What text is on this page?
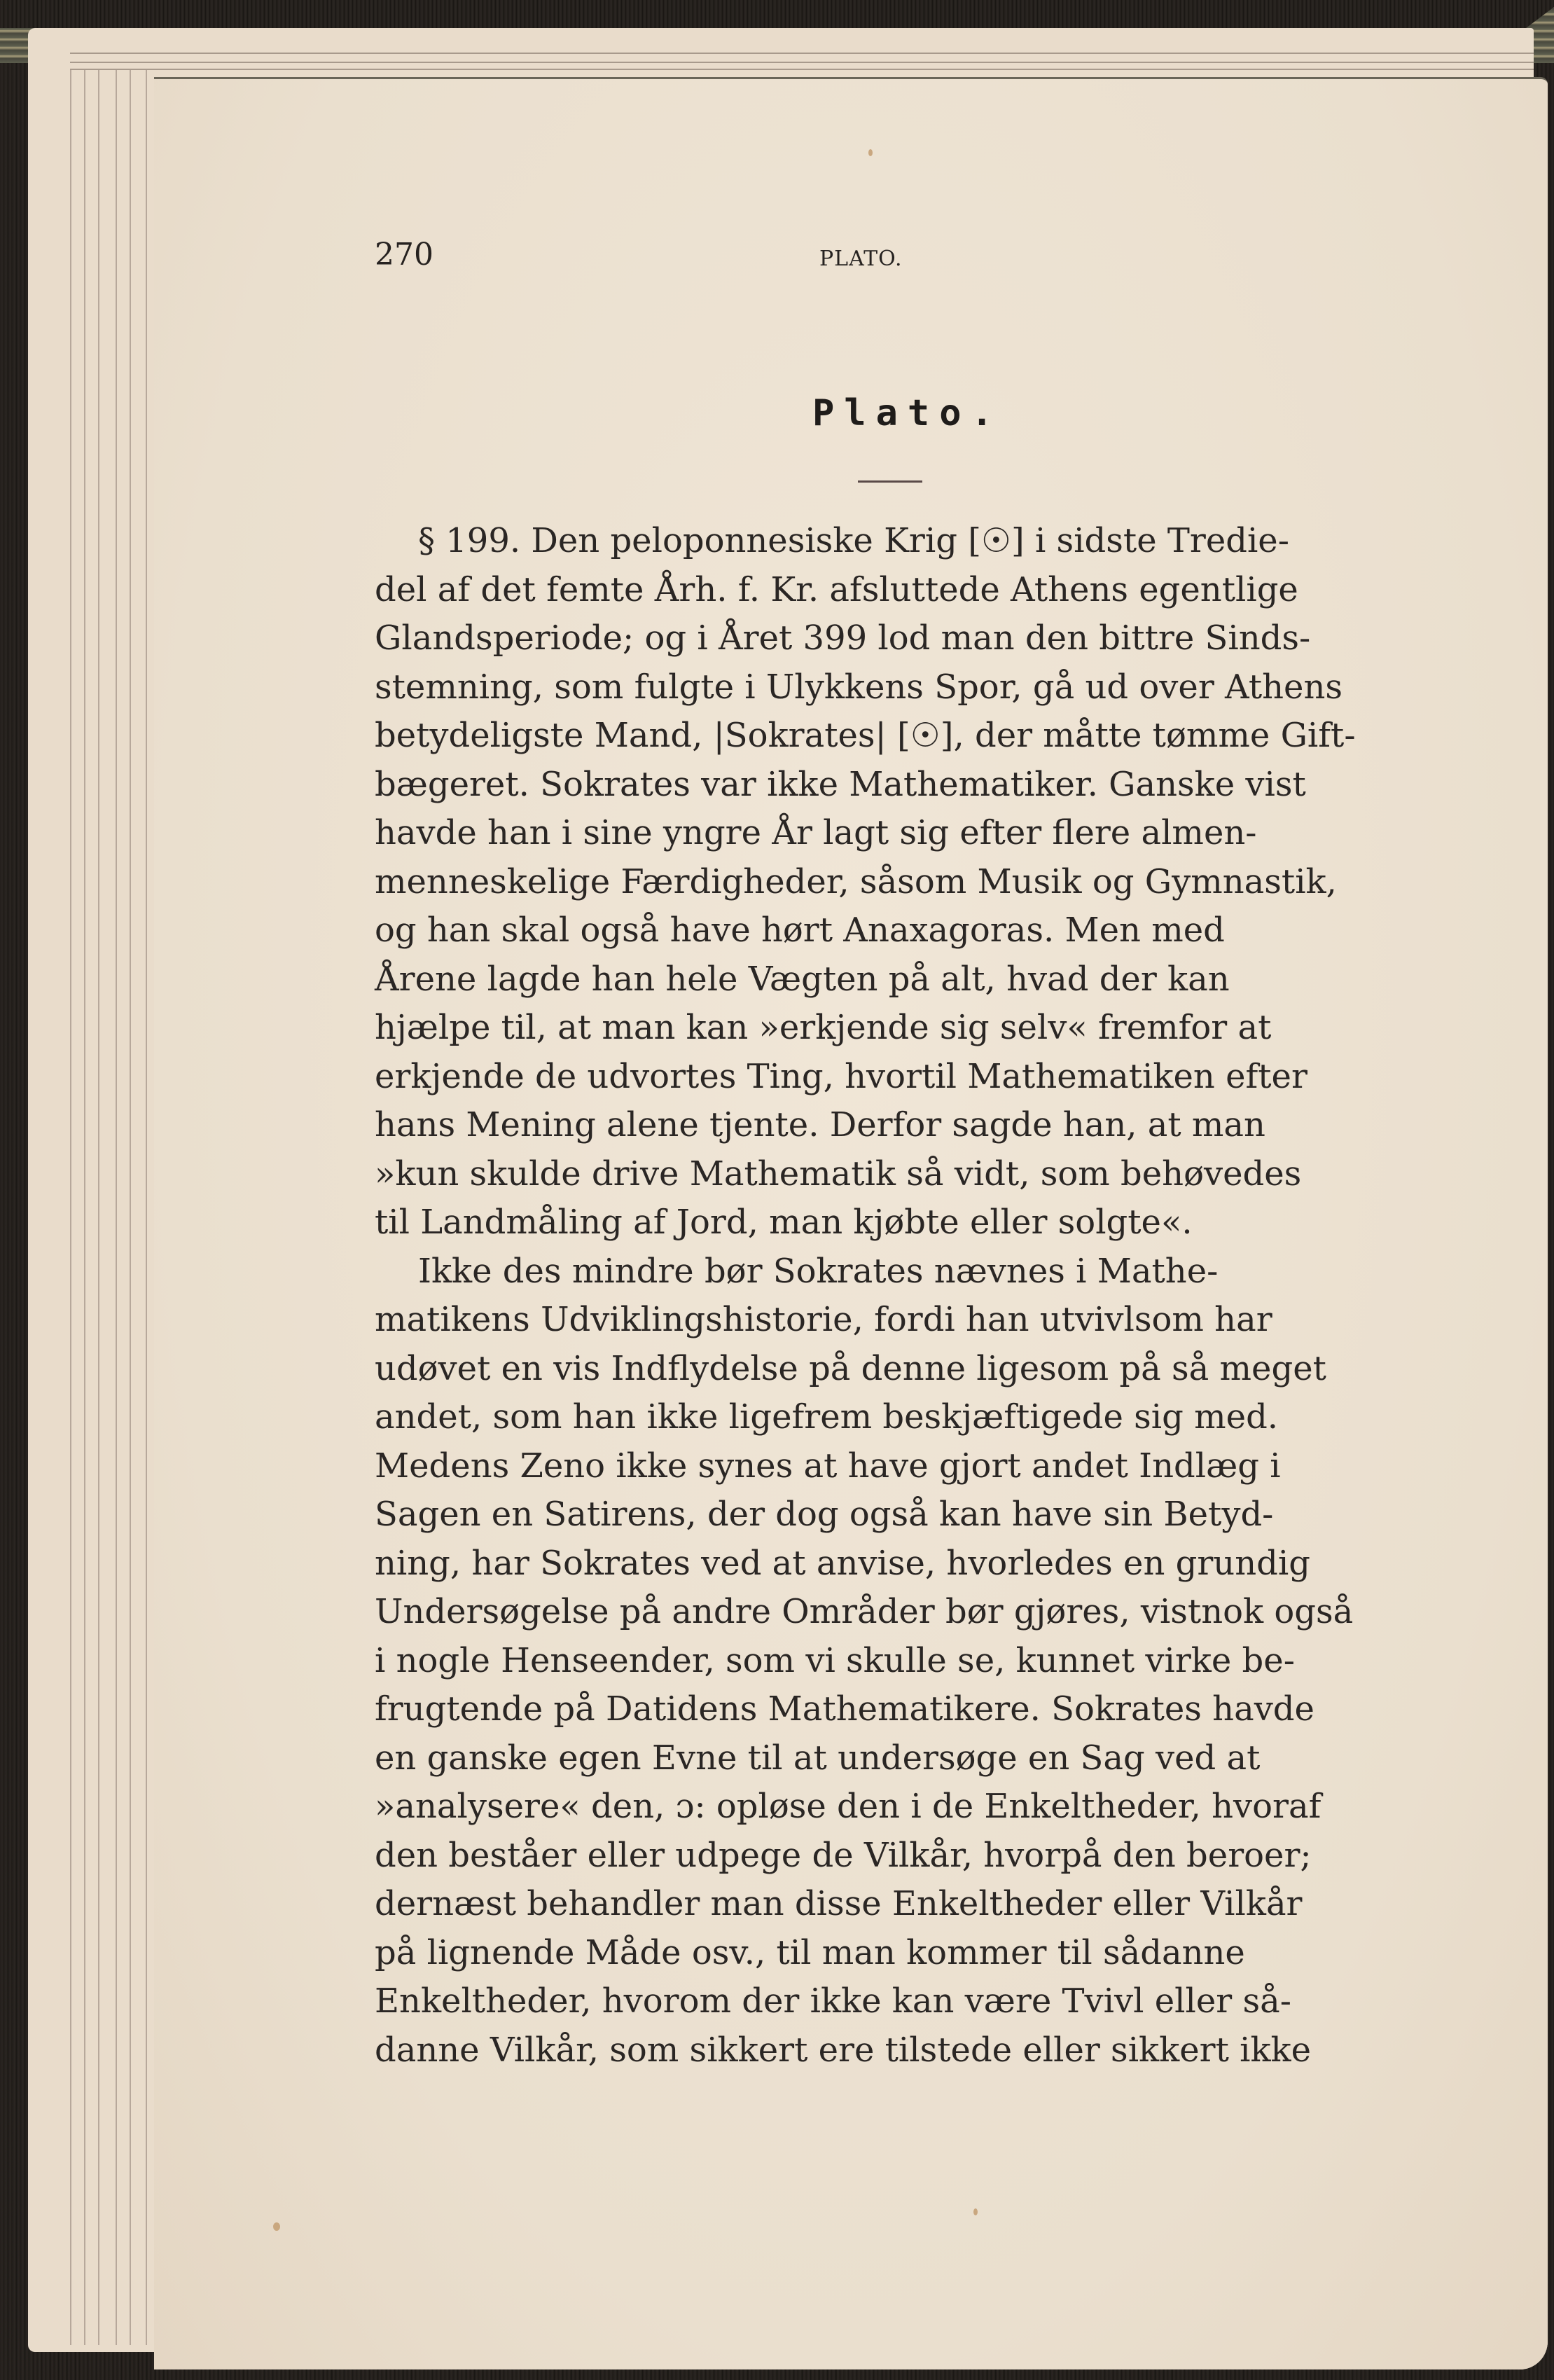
270	PLATO.
Plato.
§ 199. Den peloponnesiske Krig [☉] i sidste Tredie-
del af det femte Årh. f. Kr. afsluttede Athens egentlige
Glandsperiode; og i Året 399 lod man den bittre Sinds-
stemning, som fulgte i Ulykkens Spor, gå ud over Athens
betydeligste Mand, |Sokrates| [☉], der måtte tømme Gift-
bægeret. Sokrates var ikke Mathematiker. Ganske vist
havde han i sine yngre År lagt sig efter flere almen-
menneskelige Færdigheder, såsom Musik og Gymnastik,
og han skal også have hørt Anaxagoras. Men med
Årene lagde han hele Vægten på alt, hvad der kan
hjælpe til, at man kan »erkjende sig selv« fremfor at
erkjende de udvortes Ting, hvortil Mathematiken efter
hans Mening alene tjente. Derfor sagde han, at man
»kun skulde drive Mathematik så vidt, som behøvedes
til Landmåling af Jord, man kjøbte eller solgte«.
Ikke des mindre bør Sokrates nævnes i Mathe-
matikens Udviklingshistorie, fordi han utvivlsom har
udøvet en vis Indflydelse på denne ligesom på så meget
andet, som han ikke ligefrem beskjæftigede sig med.
Medens Zeno ikke synes at have gjort andet Indlæg i
Sagen en Satirens, der dog også kan have sin Betyd-
ning, har Sokrates ved at anvise, hvorledes en grundig
Undersøgelse på andre Områder bør gjøres, vistnok også
i nogle Henseender, som vi skulle se, kunnet virke be-
frugtende på Datidens Mathematikere. Sokrates havde
en ganske egen Evne til at undersøge en Sag ved at
»analysere« den, ɔ: opløse den i de Enkeltheder, hvoraf
den beståer eller udpege de Vilkår, hvorpå den beroer;
dernæst behandler man disse Enkeltheder eller Vilkår
på lignende Måde osv., til man kommer til sådanne
Enkeltheder, hvorom der ikke kan være Tvivl eller så-
danne Vilkår, som sikkert ere tilstede eller sikkert ikke
